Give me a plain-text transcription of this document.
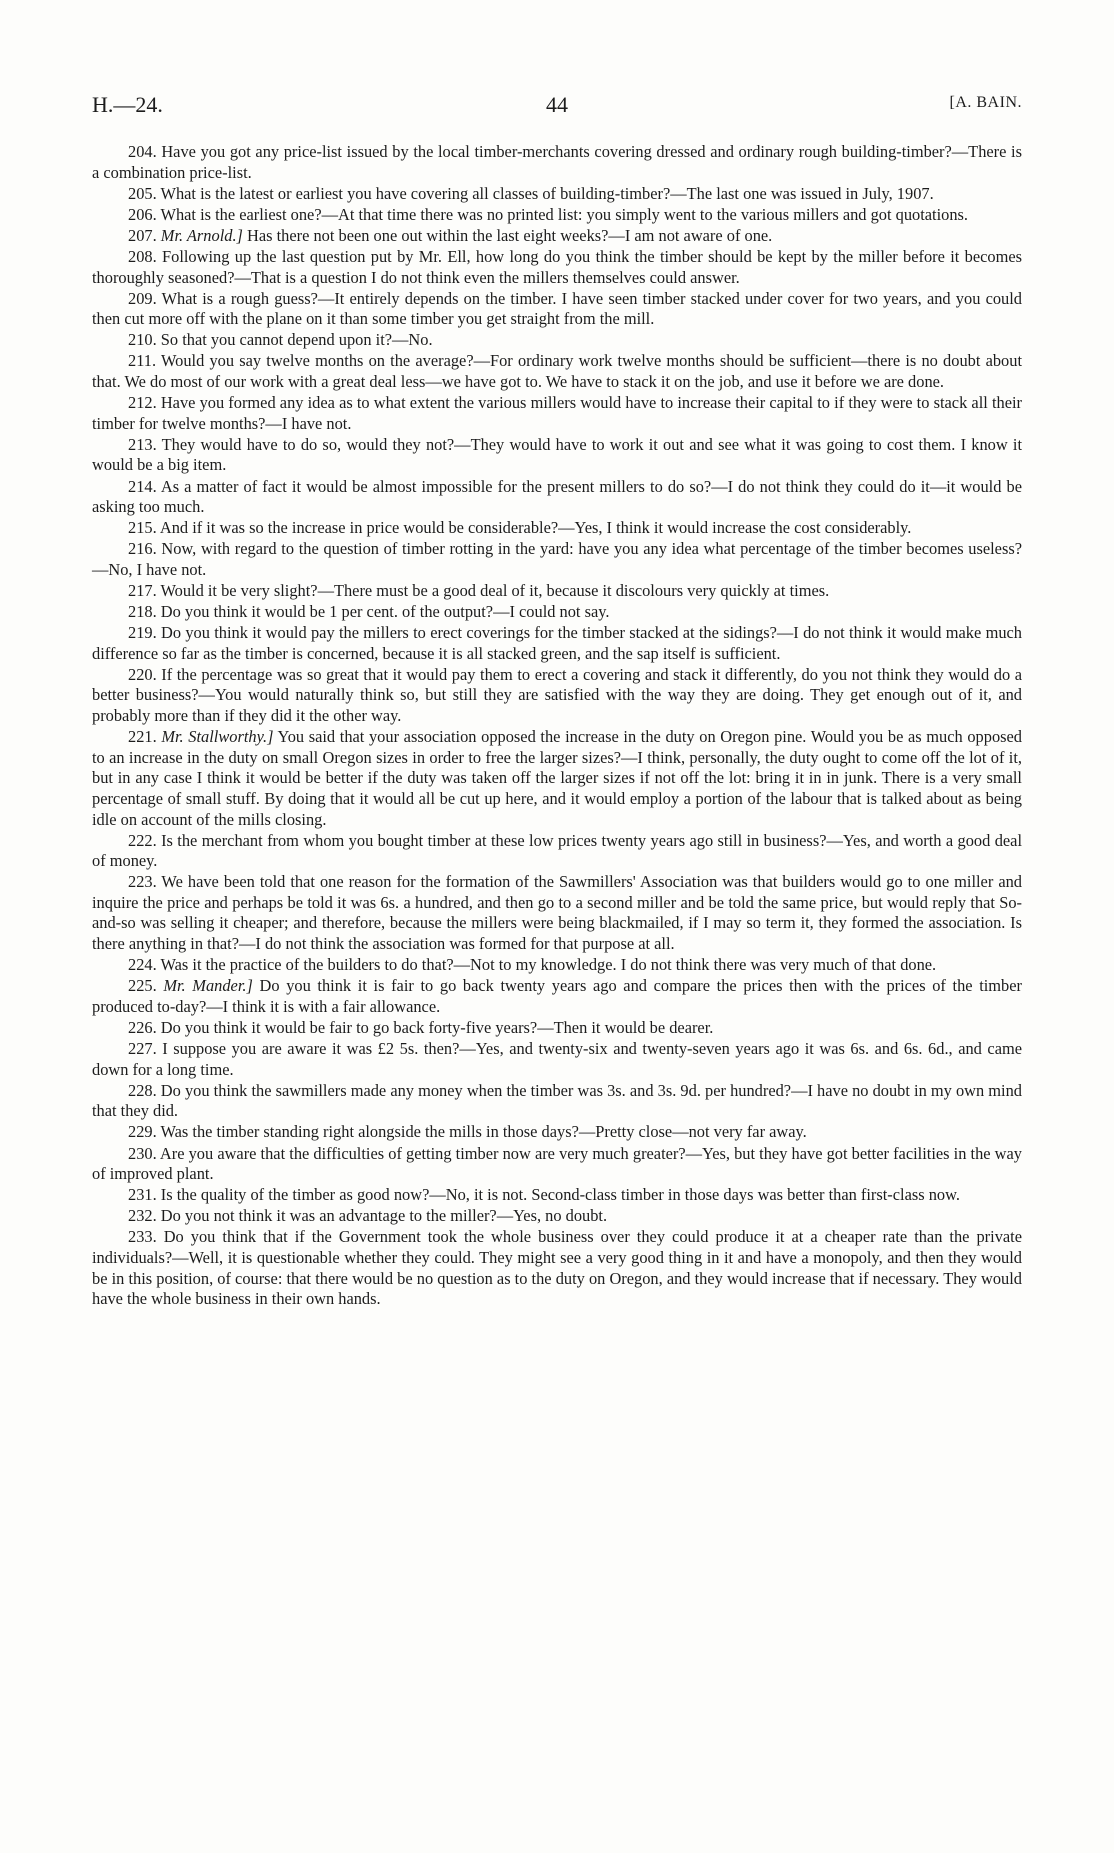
H.—24.	44	[A. BAIN.

204. Have you got any price-list issued by the local timber-merchants covering dressed and ordinary rough building-timber?—There is a combination price-list.

205. What is the latest or earliest you have covering all classes of building-timber?—The last one was issued in July, 1907.

206. What is the earliest one?—At that time there was no printed list: you simply went to the various millers and got quotations.

207. Mr. Arnold.] Has there not been one out within the last eight weeks?—I am not aware of one.

208. Following up the last question put by Mr. Ell, how long do you think the timber should be kept by the miller before it becomes thoroughly seasoned?—That is a question I do not think even the millers themselves could answer.

209. What is a rough guess?—It entirely depends on the timber. I have seen timber stacked under cover for two years, and you could then cut more off with the plane on it than some timber you get straight from the mill.

210. So that you cannot depend upon it?—No.

211. Would you say twelve months on the average?—For ordinary work twelve months should be sufficient—there is no doubt about that. We do most of our work with a great deal less—we have got to. We have to stack it on the job, and use it before we are done.

212. Have you formed any idea as to what extent the various millers would have to increase their capital to if they were to stack all their timber for twelve months?—I have not.

213. They would have to do so, would they not?—They would have to work it out and see what it was going to cost them. I know it would be a big item.

214. As a matter of fact it would be almost impossible for the present millers to do so?—I do not think they could do it—it would be asking too much.

215. And if it was so the increase in price would be considerable?—Yes, I think it would increase the cost considerably.

216. Now, with regard to the question of timber rotting in the yard: have you any idea what percentage of the timber becomes useless?—No, I have not.

217. Would it be very slight?—There must be a good deal of it, because it discolours very quickly at times.

218. Do you think it would be 1 per cent. of the output?—I could not say.

219. Do you think it would pay the millers to erect coverings for the timber stacked at the sidings?—I do not think it would make much difference so far as the timber is concerned, because it is all stacked green, and the sap itself is sufficient.

220. If the percentage was so great that it would pay them to erect a covering and stack it differently, do you not think they would do a better business?—You would naturally think so, but still they are satisfied with the way they are doing. They get enough out of it, and probably more than if they did it the other way.

221. Mr. Stallworthy.] You said that your association opposed the increase in the duty on Oregon pine. Would you be as much opposed to an increase in the duty on small Oregon sizes in order to free the larger sizes?—I think, personally, the duty ought to come off the lot of it, but in any case I think it would be better if the duty was taken off the larger sizes if not off the lot: bring it in in junk. There is a very small percentage of small stuff. By doing that it would all be cut up here, and it would employ a portion of the labour that is talked about as being idle on account of the mills closing.

222. Is the merchant from whom you bought timber at these low prices twenty years ago still in business?—Yes, and worth a good deal of money.

223. We have been told that one reason for the formation of the Sawmillers' Association was that builders would go to one miller and inquire the price and perhaps be told it was 6s. a hundred, and then go to a second miller and be told the same price, but would reply that So-and-so was selling it cheaper; and therefore, because the millers were being blackmailed, if I may so term it, they formed the association. Is there anything in that?—I do not think the association was formed for that purpose at all.

224. Was it the practice of the builders to do that?—Not to my knowledge. I do not think there was very much of that done.

225. Mr. Mander.] Do you think it is fair to go back twenty years ago and compare the prices then with the prices of the timber produced to-day?—I think it is with a fair allowance.

226. Do you think it would be fair to go back forty-five years?—Then it would be dearer.

227. I suppose you are aware it was £2 5s. then?—Yes, and twenty-six and twenty-seven years ago it was 6s. and 6s. 6d., and came down for a long time.

228. Do you think the sawmillers made any money when the timber was 3s. and 3s. 9d. per hundred?—I have no doubt in my own mind that they did.

229. Was the timber standing right alongside the mills in those days?—Pretty close—not very far away.

230. Are you aware that the difficulties of getting timber now are very much greater?—Yes, but they have got better facilities in the way of improved plant.

231. Is the quality of the timber as good now?—No, it is not. Second-class timber in those days was better than first-class now.

232. Do you not think it was an advantage to the miller?—Yes, no doubt.

233. Do you think that if the Government took the whole business over they could produce it at a cheaper rate than the private individuals?—Well, it is questionable whether they could. They might see a very good thing in it and have a monopoly, and then they would be in this position, of course: that there would be no question as to the duty on Oregon, and they would increase that if necessary. They would have the whole business in their own hands.
